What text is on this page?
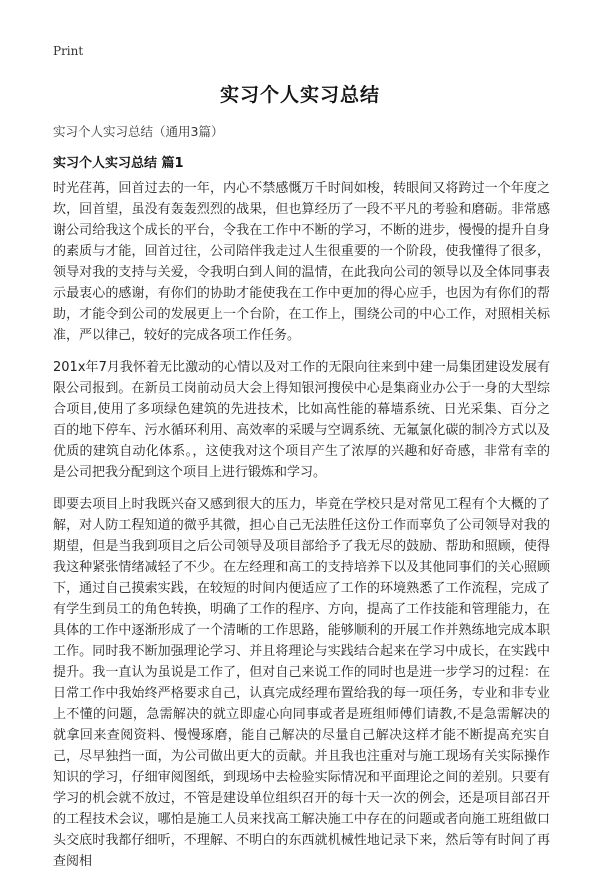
Print
实习个人实习总结
实习个人实习总结（通用3篇）
实习个人实习总结 篇1

时光荏苒，回首过去的一年，内心不禁感慨万千时间如梭，转眼间又将跨过一个年度之坎，回首望，虽没有轰轰烈烈的战果，但也算经历了一段不平凡的考验和磨砺。非常感谢公司给我这个成长的平台，令我在工作中不断的学习，不断的进步，慢慢的提升自身的素质与才能，回首过往，公司陪伴我走过人生很重要的一个阶段，使我懂得了很多，领导对我的支持与关爱，令我明白到人间的温情，在此我向公司的领导以及全体同事表示最衷心的感谢，有你们的协助才能使我在工作中更加的得心应手，也因为有你们的帮助，才能令到公司的发展更上一个台阶，在工作上，围绕公司的中心工作，对照相关标准，严以律己，较好的完成各项工作任务。

201x年7月我怀着无比激动的心情以及对工作的无限向往来到中建一局集团建设发展有限公司报到。在新员工岗前动员大会上得知银河搜侯中心是集商业办公于一身的大型综合项目,使用了多项绿色建筑的先进技术，比如高性能的幕墙系统、日光采集、百分之百的地下停车、污水循环利用、高效率的采暖与空调系统、无氟氯化碳的制冷方式以及优质的建筑自动化体系。，这使我对这个项目产生了浓厚的兴趣和好奇感，非常有幸的是公司把我分配到这个项目上进行锻炼和学习。

即要去项目上时我既兴奋又感到很大的压力，毕竟在学校只是对常见工程有个大概的了解，对人防工程知道的微乎其微，担心自己无法胜任这份工作而辜负了公司领导对我的期望，但是当我到项目之后公司领导及项目部给予了我无尽的鼓励、帮助和照顾，使得我这种紧张情绪减轻了不少。在左经理和高工的支持培养下以及其他同事们的关心照顾下，通过自己摸索实践，在较短的时间内便适应了工作的环境熟悉了工作流程，完成了有学生到员工的角色转换，明确了工作的程序、方向，提高了工作技能和管理能力，在具体的工作中逐渐形成了一个清晰的工作思路，能够顺利的开展工作并熟练地完成本职工作。同时我不断加强理论学习、并且将理论与实践结合起来在学习中成长，在实践中提升。我一直认为虽说是工作了，但对自己来说工作的同时也是进一步学习的过程：在日常工作中我始终严格要求自己，认真完成经理布置给我的每一项任务，专业和非专业上不懂的问题，急需解决的就立即虚心向同事或者是班组师傅们请教,不是急需解决的就拿回来查阅资料、慢慢琢磨，能自己解决的尽量自己解决这样才能不断提高充实自己，尽早独挡一面，为公司做出更大的贡献。并且我也注重对与施工现场有关实际操作知识的学习，仔细审阅图纸，到现场中去检验实际情况和平面理论之间的差别。只要有学习的机会就不放过，不管是建设单位组织召开的每十天一次的例会，还是项目部召开的工程技术会议，哪怕是施工人员来找高工解决施工中存在的问题或者向施工班组做口头交底时我都仔细听，不理解、不明白的东西就机械性地记录下来，然后等有时间了再查阅相
